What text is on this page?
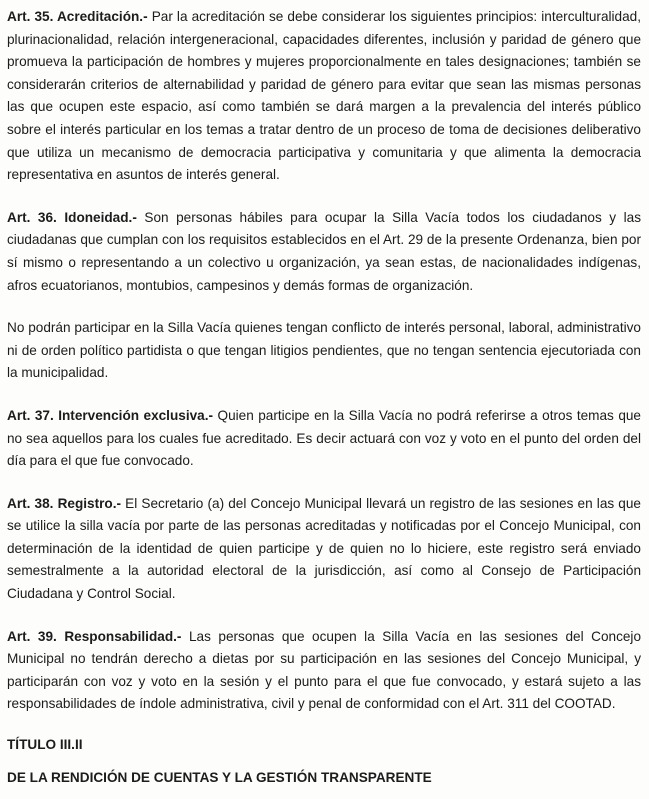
Art. 35. Acreditación.- Par la acreditación se debe considerar los siguientes principios: interculturalidad, plurinacionalidad, relación intergeneracional, capacidades diferentes, inclusión y paridad de género que promueva la participación de hombres y mujeres proporcionalmente en tales designaciones; también se considerarán criterios de alternabilidad y paridad de género para evitar que sean las mismas personas las que ocupen este espacio, así como también se dará margen a la prevalencia del interés público sobre el interés particular en los temas a tratar dentro de un proceso de toma de decisiones deliberativo que utiliza un mecanismo de democracia participativa y comunitaria y que alimenta la democracia representativa en asuntos de interés general.

Art. 36. Idoneidad.- Son personas hábiles para ocupar la Silla Vacía todos los ciudadanos y las ciudadanas que cumplan con los requisitos establecidos en el Art. 29 de la presente Ordenanza, bien por sí mismo o representando a un colectivo u organización, ya sean estas, de nacionalidades indígenas, afros ecuatorianos, montubios, campesinos y demás formas de organización.

No podrán participar en la Silla Vacía quienes tengan conflicto de interés personal, laboral, administrativo ni de orden político partidista o que tengan litigios pendientes, que no tengan sentencia ejecutoriada con la municipalidad.

Art. 37. Intervención exclusiva.- Quien participe en la Silla Vacía no podrá referirse a otros temas que no sea aquellos para los cuales fue acreditado. Es decir actuará con voz y voto en el punto del orden del día para el que fue convocado.

Art. 38. Registro.- El Secretario (a) del Concejo Municipal llevará un registro de las sesiones en las que se utilice la silla vacía por parte de las personas acreditadas y notificadas por el Concejo Municipal, con determinación de la identidad de quien participe y de quien no lo hiciere, este registro será enviado semestralmente a la autoridad electoral de la jurisdicción, así como al Consejo de Participación Ciudadana y Control Social.

Art. 39. Responsabilidad.- Las personas que ocupen la Silla Vacía en las sesiones del Concejo Municipal no tendrán derecho a dietas por su participación en las sesiones del Concejo Municipal, y participarán con voz y voto en la sesión y el punto para el que fue convocado, y estará sujeto a las responsabilidades de índole administrativa, civil y penal de conformidad con el Art. 311 del COOTAD.

TÍTULO III.II
DE LA RENDICIÓN DE CUENTAS Y LA GESTIÓN TRANSPARENTE
